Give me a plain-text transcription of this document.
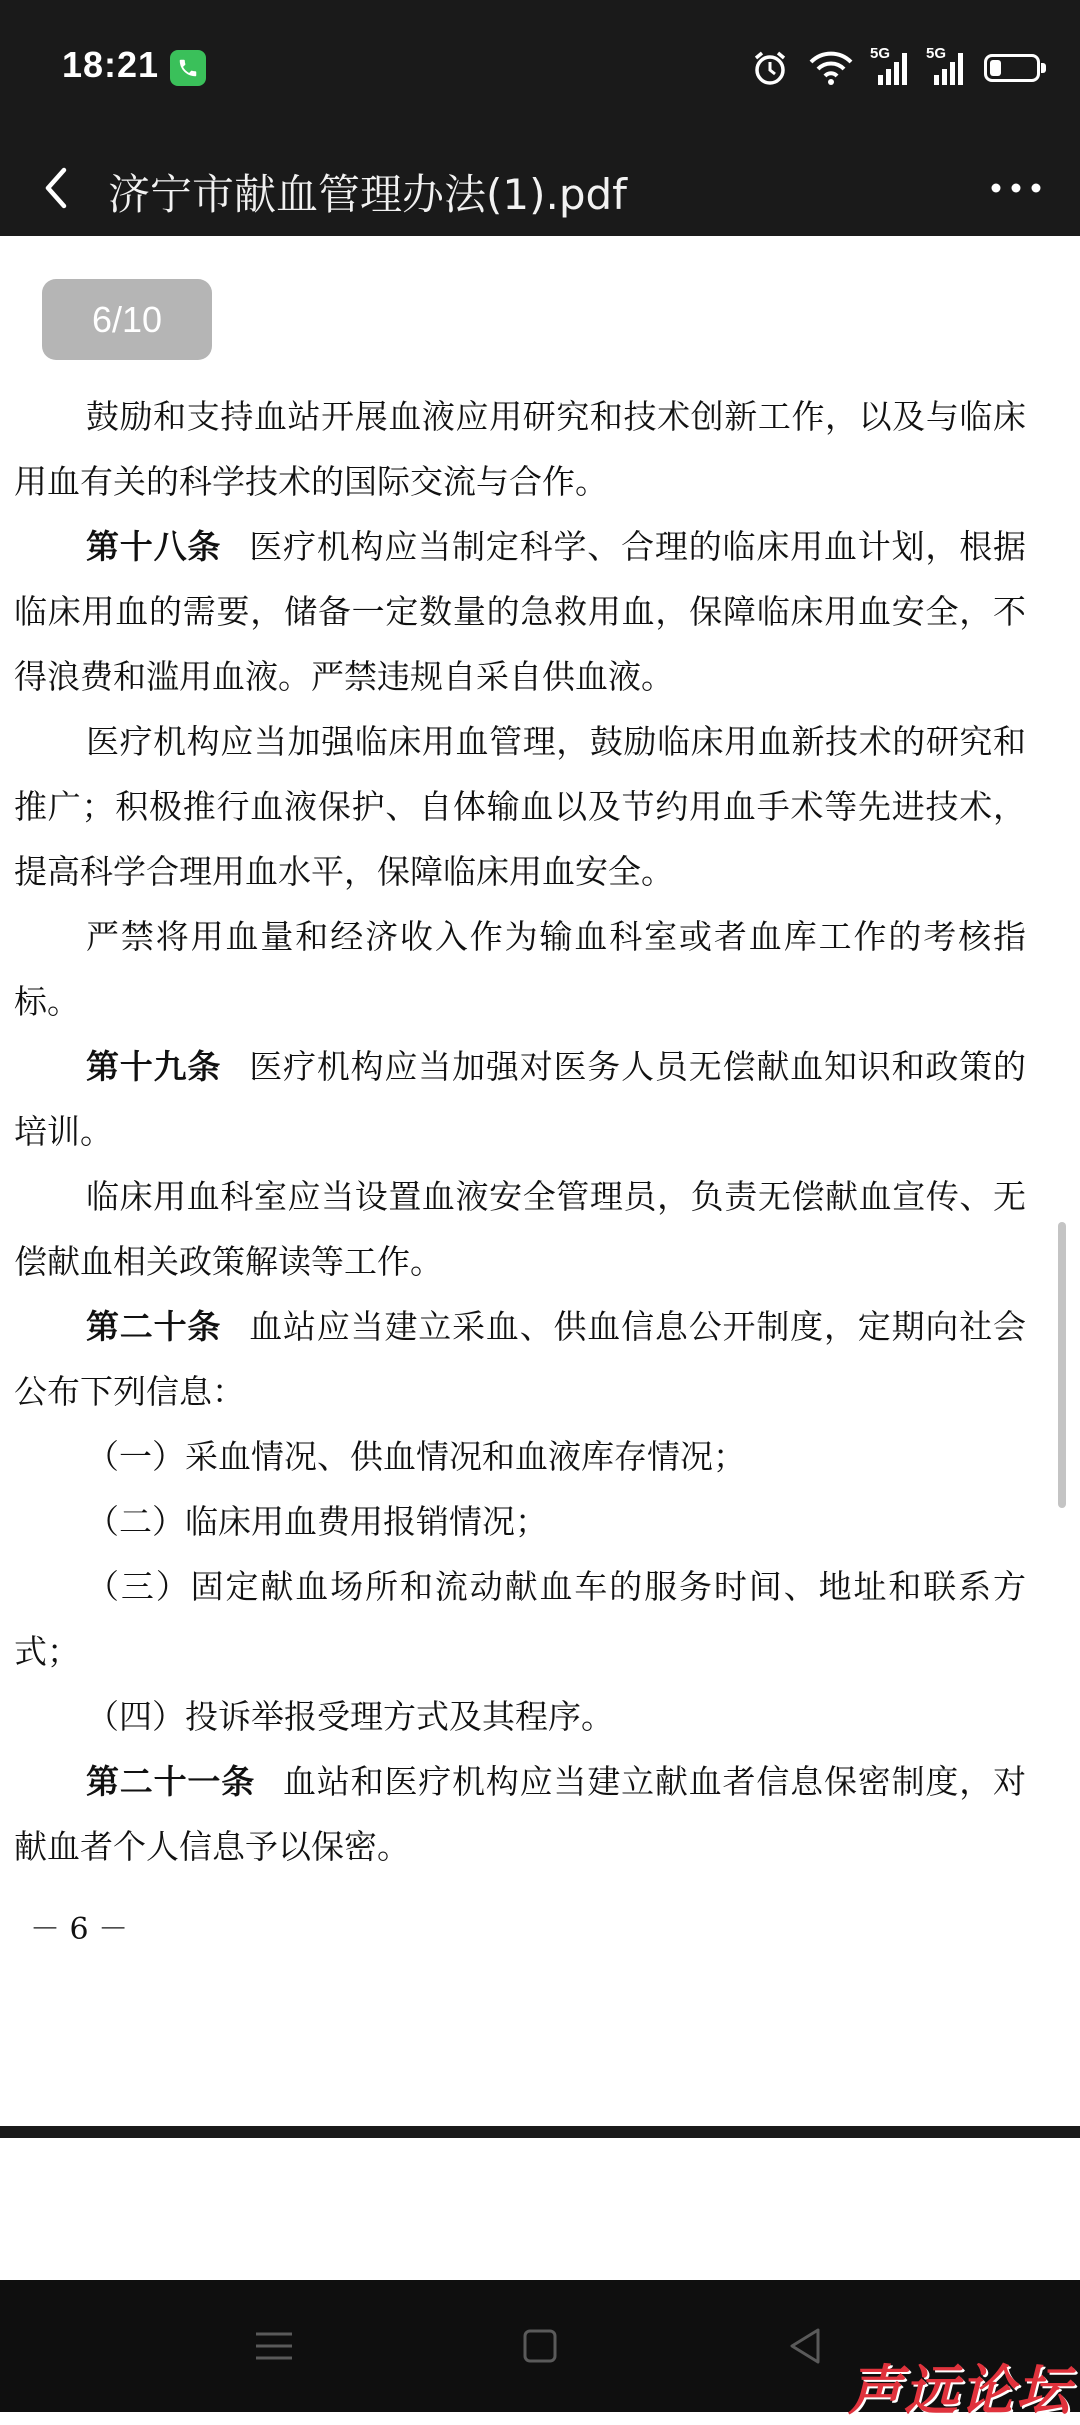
18:21	5G 5G
济宁市献血管理办法(1).pdf

鼓励和支持血站开展血液应用研究和技术创新工作，以及与临床用血有关的科学技术的国际交流与合作。

第十八条 医疗机构应当制定科学、合理的临床用血计划，根据临床用血的需要，储备一定数量的急救用血，保障临床用血安全，不得浪费和滥用血液。严禁违规自采自供血液。

医疗机构应当加强临床用血管理，鼓励临床用血新技术的研究和推广；积极推行血液保护、自体输血以及节约用血手术等先进技术，提高科学合理用血水平，保障临床用血安全。

严禁将用血量和经济收入作为输血科室或者血库工作的考核指标。

第十九条 医疗机构应当加强对医务人员无偿献血知识和政策的培训。

临床用血科室应当设置血液安全管理员，负责无偿献血宣传、无偿献血相关政策解读等工作。

第二十条 血站应当建立采血、供血信息公开制度，定期向社会公布下列信息：

（一）采血情况、供血情况和血液库存情况；

（二）临床用血费用报销情况；

（三）固定献血场所和流动献血车的服务时间、地址和联系方式；

（四）投诉举报受理方式及其程序。

第二十一条 血站和医疗机构应当建立献血者信息保密制度，对献血者个人信息予以保密。

－ 6 －
6/10
声远论坛
